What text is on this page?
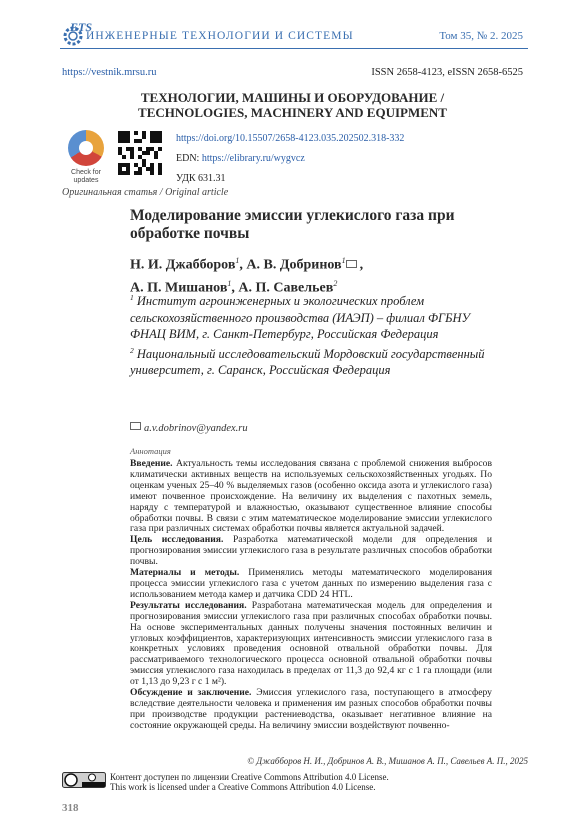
ETS
ИНЖЕНЕРНЫЕ ТЕХНОЛОГИИ И СИСТЕМЫ	Том 35, № 2. 2025
https://vestnik.mrsu.ru	ISSN 2658-4123, eISSN 2658-6525
ТЕХНОЛОГИИ, МАШИНЫ И ОБОРУДОВАНИЕ /
TECHNOLOGIES, MACHINERY AND EQUIPMENT
Check for
updates
https://doi.org/10.15507/2658-4123.035.202502.318-332
EDN: https://elibrary.ru/wygvcz
УДК 631.31
Оригинальная статья / Original article
Моделирование эмиссии углекислого газа при обработке почвы
Н. И. Джабборов$^1$, А. В. Добринов$^1$ ,
А. П. Мишанов$^1$, А. П. Савельев$^2$
$^1$ Институт агроинженерных и экологических проблем сельскохозяйственного производства (ИАЭП) – филиал ФГБНУ ФНАЦ ВИМ, г. Санкт-Петербург, Российская Федерация
$^2$ Национальный исследовательский Мордовский государственный университет, г. Саранск, Российская Федерация
a.v.dobrinov@yandex.ru
Аннотация

Введение. Актуальность темы исследования связана с проблемой снижения выбросов климатически активных веществ на используемых сельскохозяйственных угодьях. По оценкам ученых 25–40 % выделяемых газов (особенно оксида азота и углекислого газа) имеют почвенное происхождение. На величину их выделения с пахотных земель, наряду с температурой и влажностью, оказывают существенное влияние способы обработки почвы. В связи с этим математическое моделирование эмиссии углекислого газа при различных системах обработки почвы является актуальной задачей.

Цель исследования. Разработка математической модели для определения и прогнозирования эмиссии углекислого газа в результате различных способов обработки почвы.

Материалы и методы. Применялись методы математического моделирования процесса эмиссии углекислого газа с учетом данных по измерению выделения газа с использованием метода камер и датчика CDD 24 HTL.

Результаты исследования. Разработана математическая модель для определения и прогнозирования эмиссии углекислого газа при различных способах обработки почвы. На основе экспериментальных данных получены значения постоянных величин и угловых коэффициентов, характеризующих интенсивность эмиссии углекислого газа в конкретных условиях проведения основной отвальной обработки почвы. Для рассматриваемого технологического процесса основной отвальной обработки почвы эмиссия углекислого газа находилась в пределах от 11,3 до 92,4 кг с 1 га площади (или от 1,13 до 9,23 г с 1 м²).

Обсуждение и заключение. Эмиссия углекислого газа, поступающего в атмосферу вследствие деятельности человека и применения им разных способов обработки почвы при производстве продукции растениеводства, оказывает негативное влияние на состояние окружающей среды. На величину эмиссии воздействуют почвенно-

© Джабборов Н. И., Добринов А. В., Мишанов А. П., Савельев А. П., 2025
Контент доступен по лицензии Creative Commons Attribution 4.0 License.
This work is licensed under a Creative Commons Attribution 4.0 License.
318
